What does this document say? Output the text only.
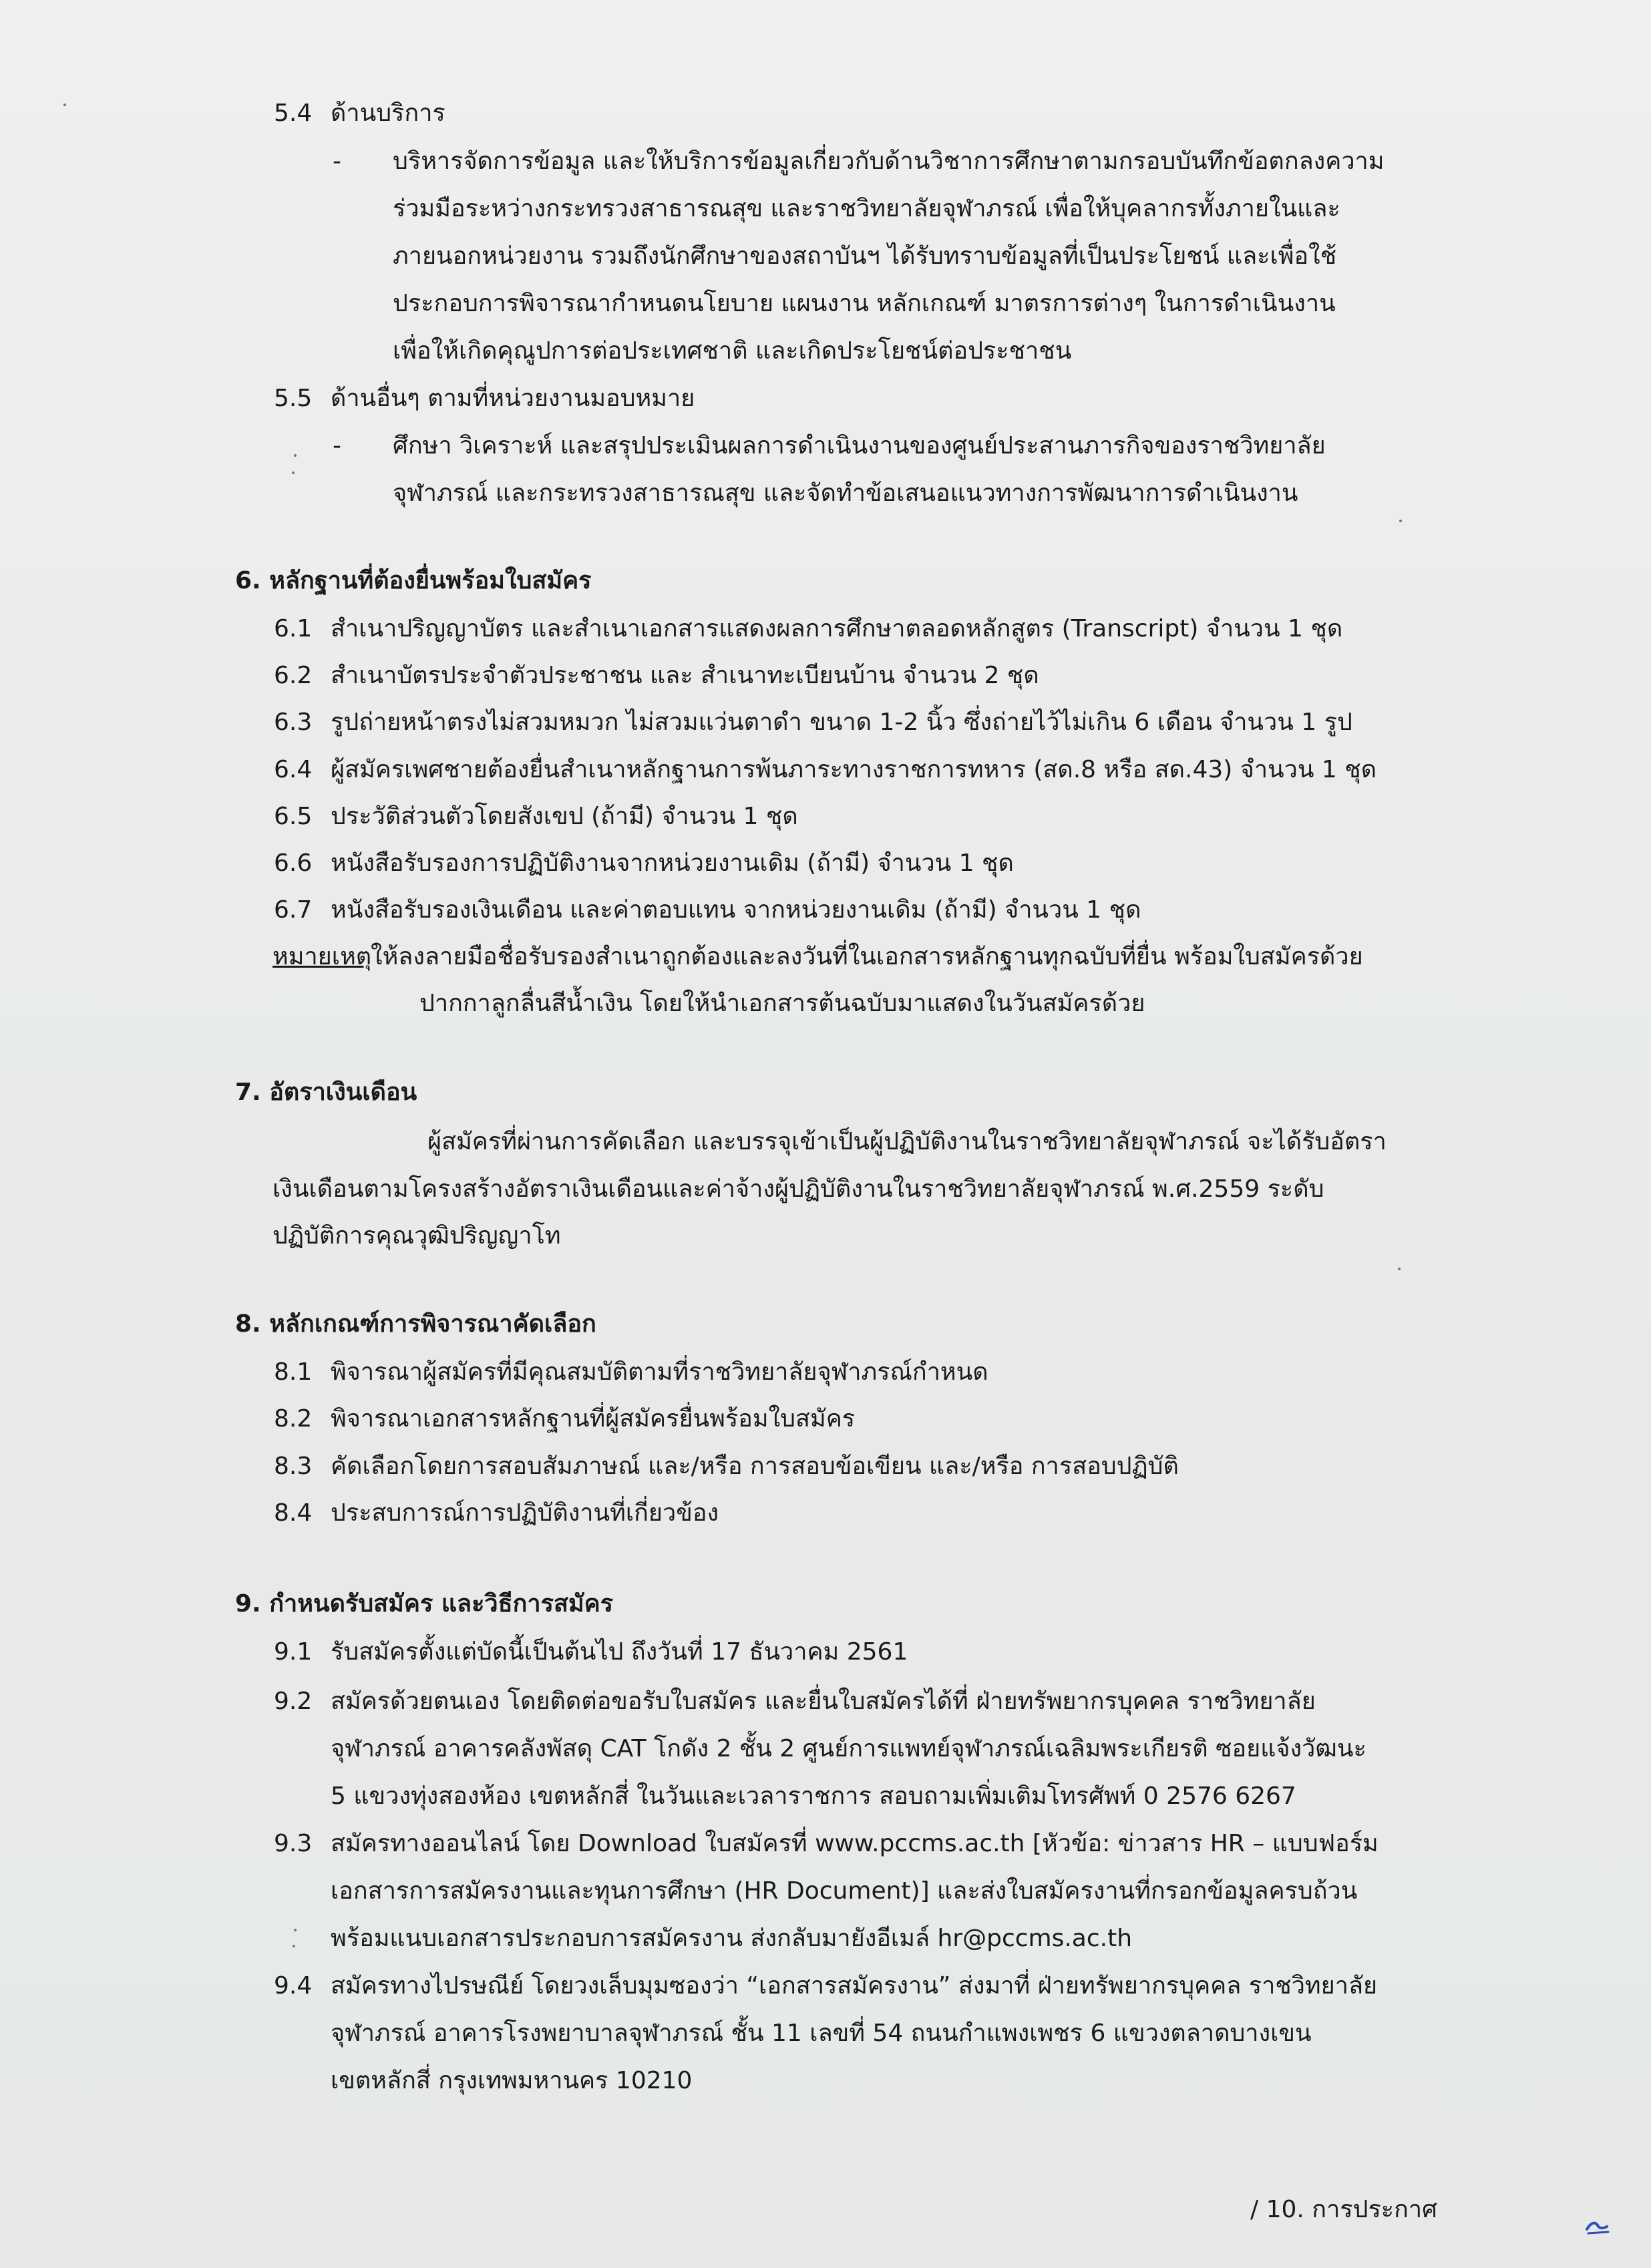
5.4 ด้านบริการ
- บริหารจัดการข้อมูล และให้บริการข้อมูลเกี่ยวกับด้านวิชาการศึกษาตามกรอบบันทึกข้อตกลงความ
ร่วมมือระหว่างกระทรวงสาธารณสุข และราชวิทยาลัยจุฬาภรณ์ เพื่อให้บุคลากรทั้งภายในและ
ภายนอกหน่วยงาน รวมถึงนักศึกษาของสถาบันฯ ได้รับทราบข้อมูลที่เป็นประโยชน์ และเพื่อใช้
ประกอบการพิจารณากำหนดนโยบาย แผนงาน หลักเกณฑ์ มาตรการต่างๆ ในการดำเนินงาน
เพื่อให้เกิดคุณูปการต่อประเทศชาติ และเกิดประโยชน์ต่อประชาชน
5.5 ด้านอื่นๆ ตามที่หน่วยงานมอบหมาย
- ศึกษา วิเคราะห์ และสรุปประเมินผลการดำเนินงานของศูนย์ประสานภารกิจของราชวิทยาลัย
จุฬาภรณ์ และกระทรวงสาธารณสุข และจัดทำข้อเสนอแนวทางการพัฒนาการดำเนินงาน
6. หลักฐานที่ต้องยื่นพร้อมใบสมัคร
6.1 สำเนาปริญญาบัตร และสำเนาเอกสารแสดงผลการศึกษาตลอดหลักสูตร (Transcript) จำนวน 1 ชุด
6.2 สำเนาบัตรประจำตัวประชาชน และ สำเนาทะเบียนบ้าน จำนวน 2 ชุด
6.3 รูปถ่ายหน้าตรงไม่สวมหมวก ไม่สวมแว่นตาดำ ขนาด 1-2 นิ้ว ซึ่งถ่ายไว้ไม่เกิน 6 เดือน จำนวน 1 รูป
6.4 ผู้สมัครเพศชายต้องยื่นสำเนาหลักฐานการพ้นภาระทางราชการทหาร (สด.8 หรือ สด.43) จำนวน 1 ชุด
6.5 ประวัติส่วนตัวโดยสังเขป (ถ้ามี) จำนวน 1 ชุด
6.6 หนังสือรับรองการปฏิบัติงานจากหน่วยงานเดิม (ถ้ามี) จำนวน 1 ชุด
6.7 หนังสือรับรองเงินเดือน และค่าตอบแทน จากหน่วยงานเดิม (ถ้ามี) จำนวน 1 ชุด
หมายเหตุ
ให้ลงลายมือชื่อรับรองสำเนาถูกต้องและลงวันที่ในเอกสารหลักฐานทุกฉบับที่ยื่น พร้อมใบสมัครด้วย
ปากกาลูกลื่นสีน้ำเงิน โดยให้นำเอกสารต้นฉบับมาแสดงในวันสมัครด้วย
7. อัตราเงินเดือน
ผู้สมัครที่ผ่านการคัดเลือก และบรรจุเข้าเป็นผู้ปฏิบัติงานในราชวิทยาลัยจุฬาภรณ์ จะได้รับอัตรา
เงินเดือนตามโครงสร้างอัตราเงินเดือนและค่าจ้างผู้ปฏิบัติงานในราชวิทยาลัยจุฬาภรณ์ พ.ศ.2559 ระดับ
ปฏิบัติการคุณวุฒิปริญญาโท
8. หลักเกณฑ์การพิจารณาคัดเลือก
8.1 พิจารณาผู้สมัครที่มีคุณสมบัติตามที่ราชวิทยาลัยจุฬาภรณ์กำหนด
8.2 พิจารณาเอกสารหลักฐานที่ผู้สมัครยื่นพร้อมใบสมัคร
8.3 คัดเลือกโดยการสอบสัมภาษณ์ และ/หรือ การสอบข้อเขียน และ/หรือ การสอบปฏิบัติ
8.4 ประสบการณ์การปฏิบัติงานที่เกี่ยวข้อง
9. กำหนดรับสมัคร และวิธีการสมัคร
9.1 รับสมัครตั้งแต่บัดนี้เป็นต้นไป ถึงวันที่ 17 ธันวาคม 2561
9.2 สมัครด้วยตนเอง โดยติดต่อขอรับใบสมัคร และยื่นใบสมัครได้ที่ ฝ่ายทรัพยากรบุคคล ราชวิทยาลัย
จุฬาภรณ์ อาคารคลังพัสดุ CAT โกดัง 2 ชั้น 2 ศูนย์การแพทย์จุฬาภรณ์เฉลิมพระเกียรติ ซอยแจ้งวัฒนะ
5 แขวงทุ่งสองห้อง เขตหลักสี่ ในวันและเวลาราชการ สอบถามเพิ่มเติมโทรศัพท์ 0 2576 6267
9.3 สมัครทางออนไลน์ โดย Download ใบสมัครที่ www.pccms.ac.th [หัวข้อ: ข่าวสาร HR – แบบฟอร์ม
เอกสารการสมัครงานและทุนการศึกษา (HR Document)] และส่งใบสมัครงานที่กรอกข้อมูลครบถ้วน
พร้อมแนบเอกสารประกอบการสมัครงาน ส่งกลับมายังอีเมล์ hr@pccms.ac.th
9.4 สมัครทางไปรษณีย์ โดยวงเล็บมุมซองว่า “เอกสารสมัครงาน” ส่งมาที่ ฝ่ายทรัพยากรบุคคล ราชวิทยาลัย
จุฬาภรณ์ อาคารโรงพยาบาลจุฬาภรณ์ ชั้น 11 เลขที่ 54 ถนนกำแพงเพชร 6 แขวงตลาดบางเขน
เขตหลักสี่ กรุงเทพมหานคร 10210
/ 10. การประกาศ
